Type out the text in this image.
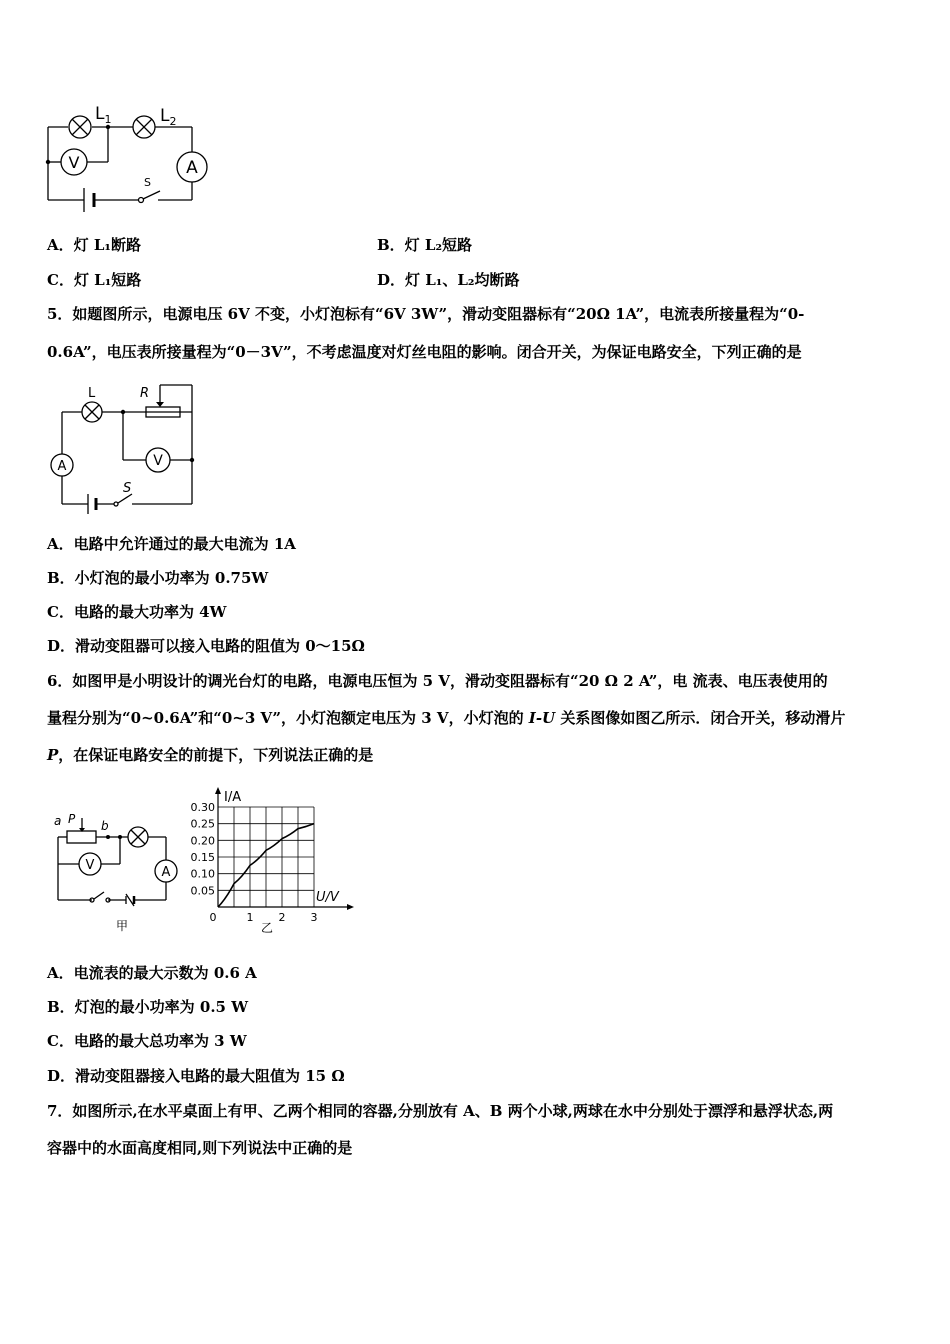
$L_1$	$L_2$
V	A
S
A．灯 L₁断路	B．灯 L₂短路
C．灯 L₁短路	D．灯 L₁、L₂均断路
5．如题图所示，电源电压 6V 不变，小灯泡标有“6V 3W”，滑动变阻器标有“20Ω 1A”，电流表所接量程为“0-
0.6A”，电压表所接量程为“0－3V”，不考虑温度对灯丝电阻的影响。闭合开关，为保证电路安全，下列正确的是
L	R
V
A
S
A．电路中允许通过的最大电流为 1A
B．小灯泡的最小功率为 0.75W
C．电路的最大功率为 4W
D．滑动变阻器可以接入电路的阻值为 0～15Ω
6．如图甲是小明设计的调光台灯的电路，电源电压恒为 5 V，滑动变阻器标有“20 Ω 2 A”，电 流表、电压表使用的
量程分别为“0~0.6A”和“0~3 V”，小灯泡额定电压为 3 V，小灯泡的 I-U 关系图像如图乙所示．闭合开关，移动滑片
P，在保证电路安全的前提下，下列说法正确的是
a P b
V	A
甲
I/A
U/V
0.05
0.10
0.15
0.20
0.25
0.30
0	1 2 3
乙
A．电流表的最大示数为 0.6 A
B．灯泡的最小功率为 0.5 W
C．电路的最大总功率为 3 W
D．滑动变阻器接入电路的最大阻值为 15 Ω
7．如图所示,在水平桌面上有甲、乙两个相同的容器,分别放有 A、B 两个小球,两球在水中分别处于漂浮和悬浮状态,两
容器中的水面高度相同,则下列说法中正确的是
